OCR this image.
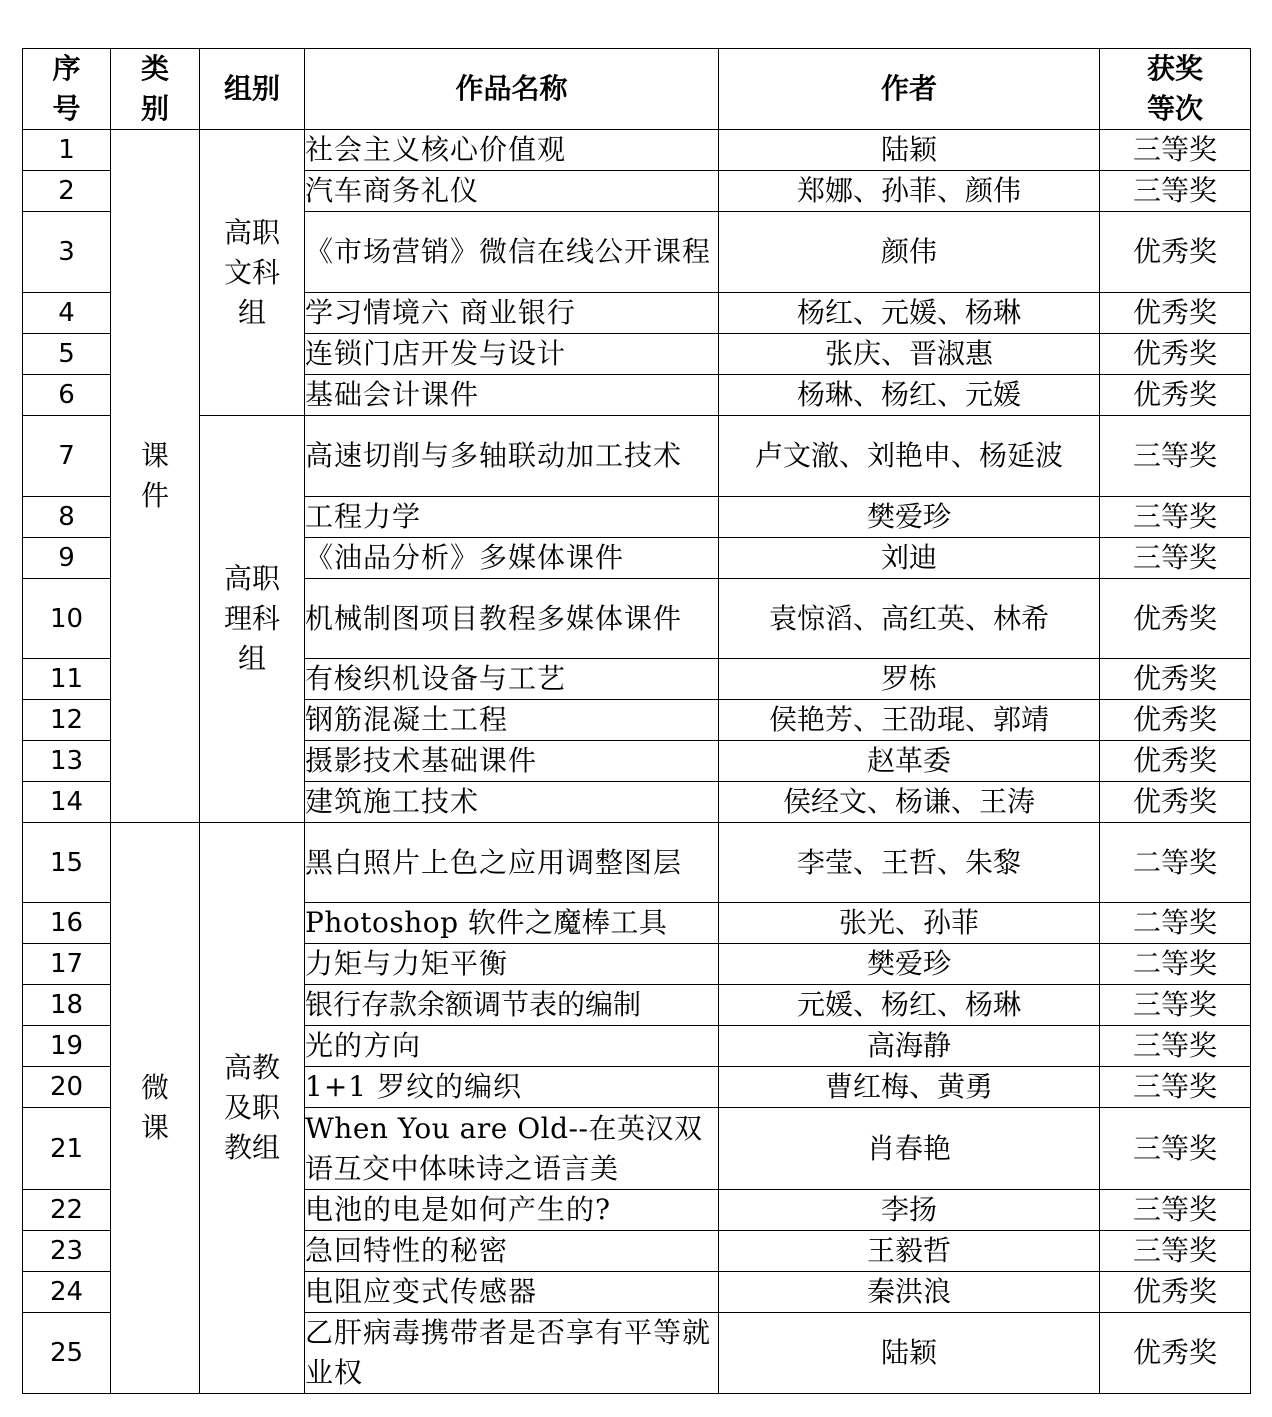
序号	类别	组别	作品名称	作者	获奖等次
1	课件	高职文科组	社会主义核心价值观	陆颖	三等奖
2			汽车商务礼仪	郑娜、孙菲、颜伟	三等奖
3			《市场营销》微信在线公开课程	颜伟	优秀奖
4			学习情境六 商业银行	杨红、元媛、杨琳	优秀奖
5			连锁门店开发与设计	张庆、晋淑惠	优秀奖
6			基础会计课件	杨琳、杨红、元媛	优秀奖
7		高职理科组	高速切削与多轴联动加工技术	卢文澈、刘艳申、杨延波	三等奖
8			工程力学	樊爱珍	三等奖
9			《油品分析》多媒体课件	刘迪	三等奖
10			机械制图项目教程多媒体课件	袁惊滔、高红英、林希	优秀奖
11			有梭织机设备与工艺	罗栋	优秀奖
12			钢筋混凝土工程	侯艳芳、王劭琨、郭靖	优秀奖
13			摄影技术基础课件	赵革委	优秀奖
14			建筑施工技术	侯经文、杨谦、王涛	优秀奖
15	微课	高教及职教组	黑白照片上色之应用调整图层	李莹、王哲、朱黎	二等奖
16			Photoshop 软件之魔棒工具	张光、孙菲	二等奖
17			力矩与力矩平衡	樊爱珍	二等奖
18			银行存款余额调节表的编制	元媛、杨红、杨琳	三等奖
19			光的方向	高海静	三等奖
20			1+1 罗纹的编织	曹红梅、黄勇	三等奖
21			When You are Old--在英汉双语互交中体味诗之语言美	肖春艳	三等奖
22			电池的电是如何产生的?	李扬	三等奖
23			急回特性的秘密	王毅哲	三等奖
24			电阻应变式传感器	秦洪浪	优秀奖
25			乙肝病毒携带者是否享有平等就业权	陆颖	优秀奖
